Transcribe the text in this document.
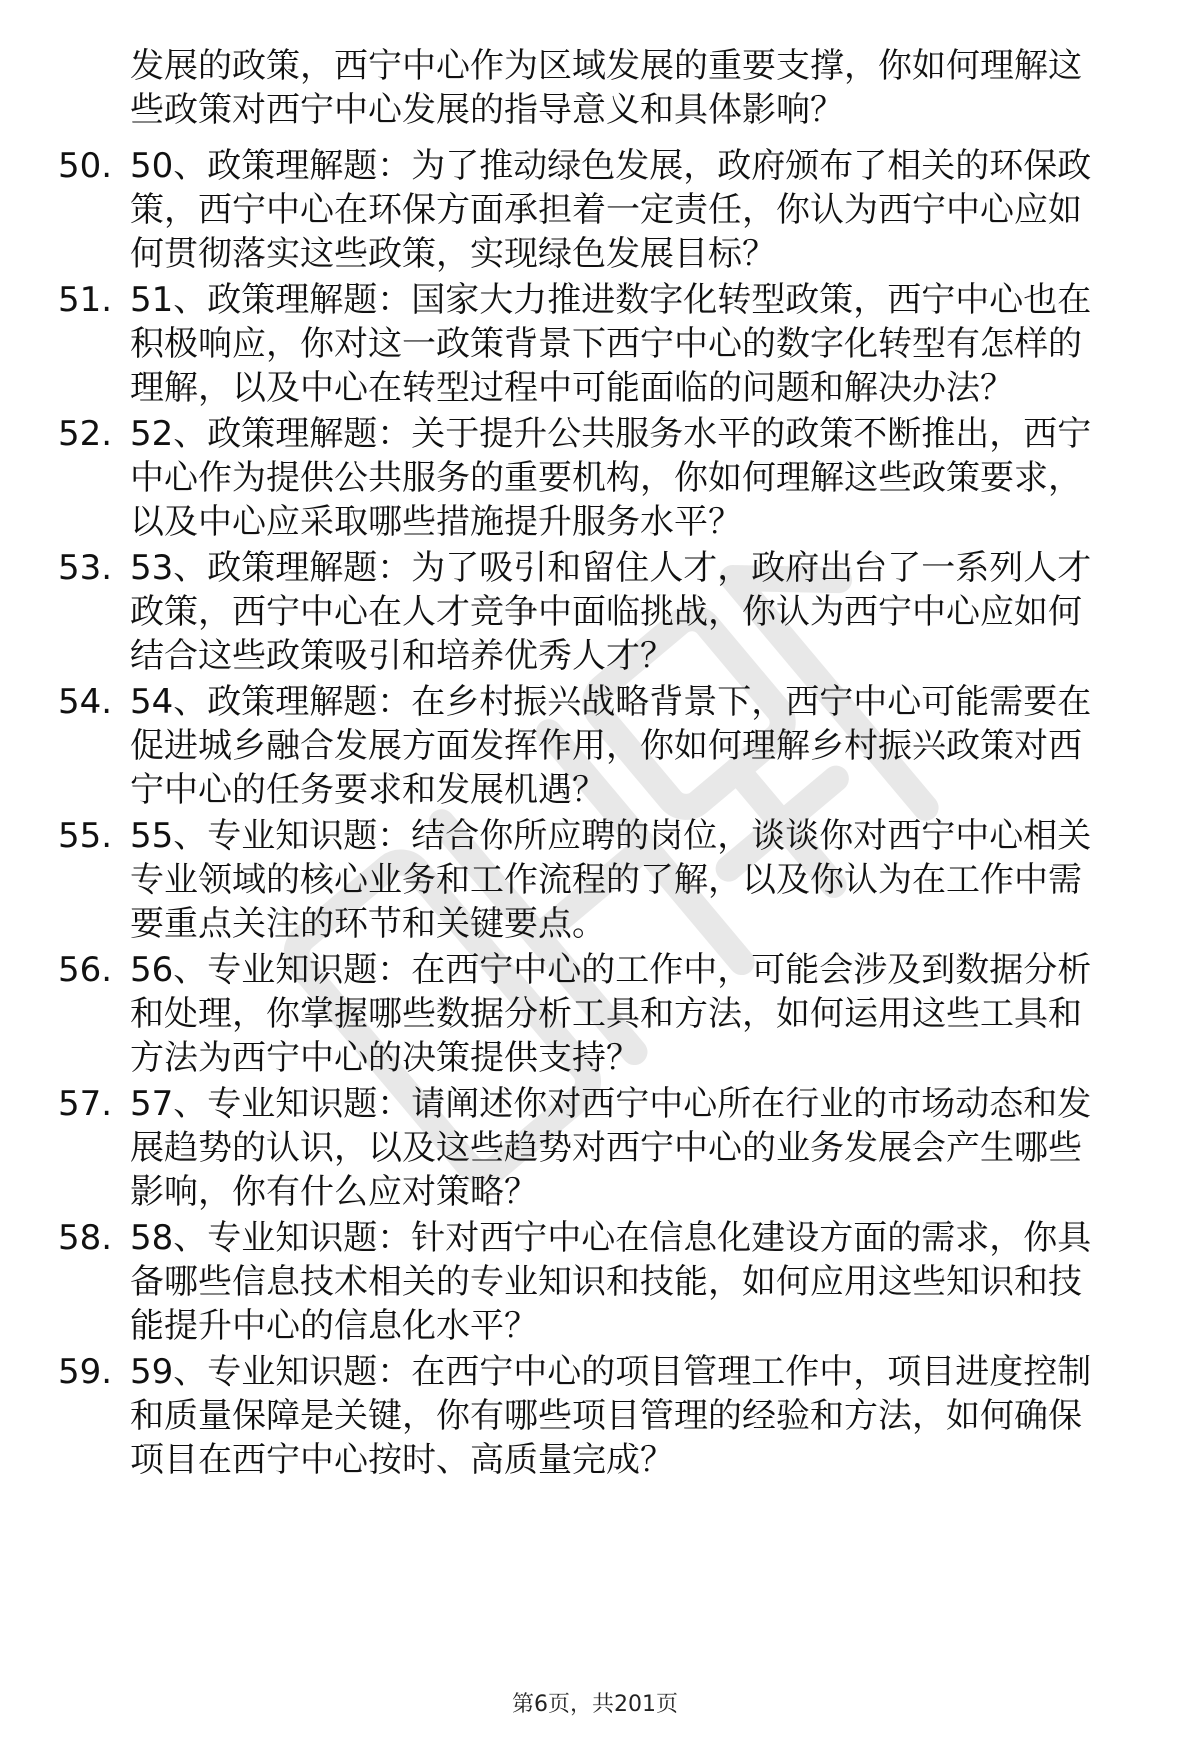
发展的政策，西宁中心作为区域发展的重要支撑，你如何理解这
些政策对西宁中心发展的指导意义和具体影响？
50. 50、政策理解题：为了推动绿色发展，政府颁布了相关的环保政
策，西宁中心在环保方面承担着一定责任，你认为西宁中心应如
何贯彻落实这些政策，实现绿色发展目标？
51. 51、政策理解题：国家大力推进数字化转型政策，西宁中心也在
积极响应，你对这一政策背景下西宁中心的数字化转型有怎样的
理解，以及中心在转型过程中可能面临的问题和解决办法？
52. 52、政策理解题：关于提升公共服务水平的政策不断推出，西宁
中心作为提供公共服务的重要机构，你如何理解这些政策要求，
以及中心应采取哪些措施提升服务水平？
53. 53、政策理解题：为了吸引和留住人才，政府出台了一系列人才
政策，西宁中心在人才竞争中面临挑战，你认为西宁中心应如何
结合这些政策吸引和培养优秀人才？
54. 54、政策理解题：在乡村振兴战略背景下，西宁中心可能需要在
促进城乡融合发展方面发挥作用，你如何理解乡村振兴政策对西
宁中心的任务要求和发展机遇？
55. 55、专业知识题：结合你所应聘的岗位，谈谈你对西宁中心相关
专业领域的核心业务和工作流程的了解，以及你认为在工作中需
要重点关注的环节和关键要点。
56. 56、专业知识题：在西宁中心的工作中，可能会涉及到数据分析
和处理，你掌握哪些数据分析工具和方法，如何运用这些工具和
方法为西宁中心的决策提供支持？
57. 57、专业知识题：请阐述你对西宁中心所在行业的市场动态和发
展趋势的认识，以及这些趋势对西宁中心的业务发展会产生哪些
影响，你有什么应对策略？
58. 58、专业知识题：针对西宁中心在信息化建设方面的需求，你具
备哪些信息技术相关的专业知识和技能，如何应用这些知识和技
能提升中心的信息化水平？
59. 59、专业知识题：在西宁中心的项目管理工作中，项目进度控制
和质量保障是关键，你有哪些项目管理的经验和方法，如何确保
项目在西宁中心按时、高质量完成？
第6页，共201页
